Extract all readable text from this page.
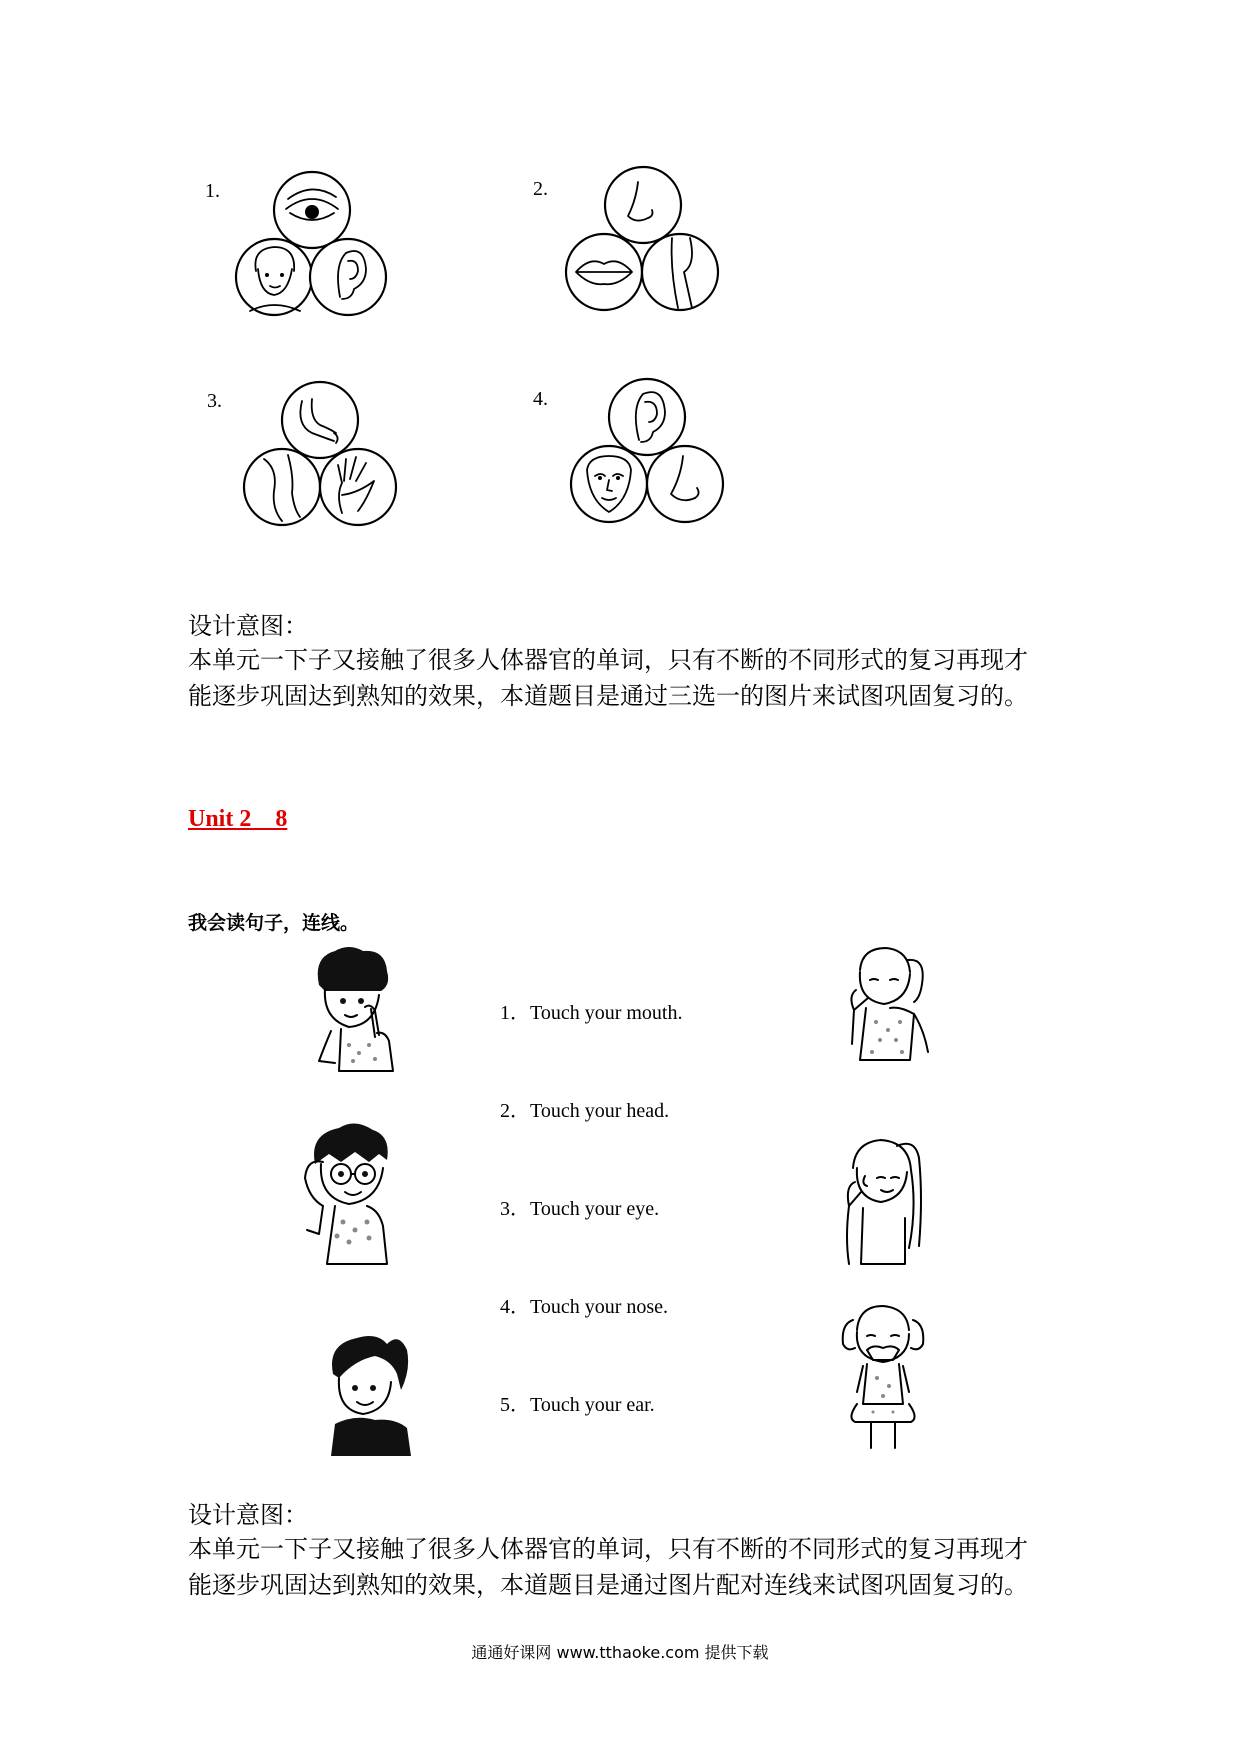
1.	2.
3.	4.
设计意图：
本单元一下子又接触了很多人体器官的单词，只有不断的不同形式的复习再现才
能逐步巩固达到熟知的效果，本道题目是通过三选一的图片来试图巩固复习的。
Unit 2    8
我会读句子，连线。
1．Touch your mouth.
2．Touch your head.
3．Touch your eye.
4．Touch your nose.
5．Touch your ear.
设计意图：
本单元一下子又接触了很多人体器官的单词，只有不断的不同形式的复习再现才
能逐步巩固达到熟知的效果，本道题目是通过图片配对连线来试图巩固复习的。
通通好课网 www.tthaoke.com 提供下载
